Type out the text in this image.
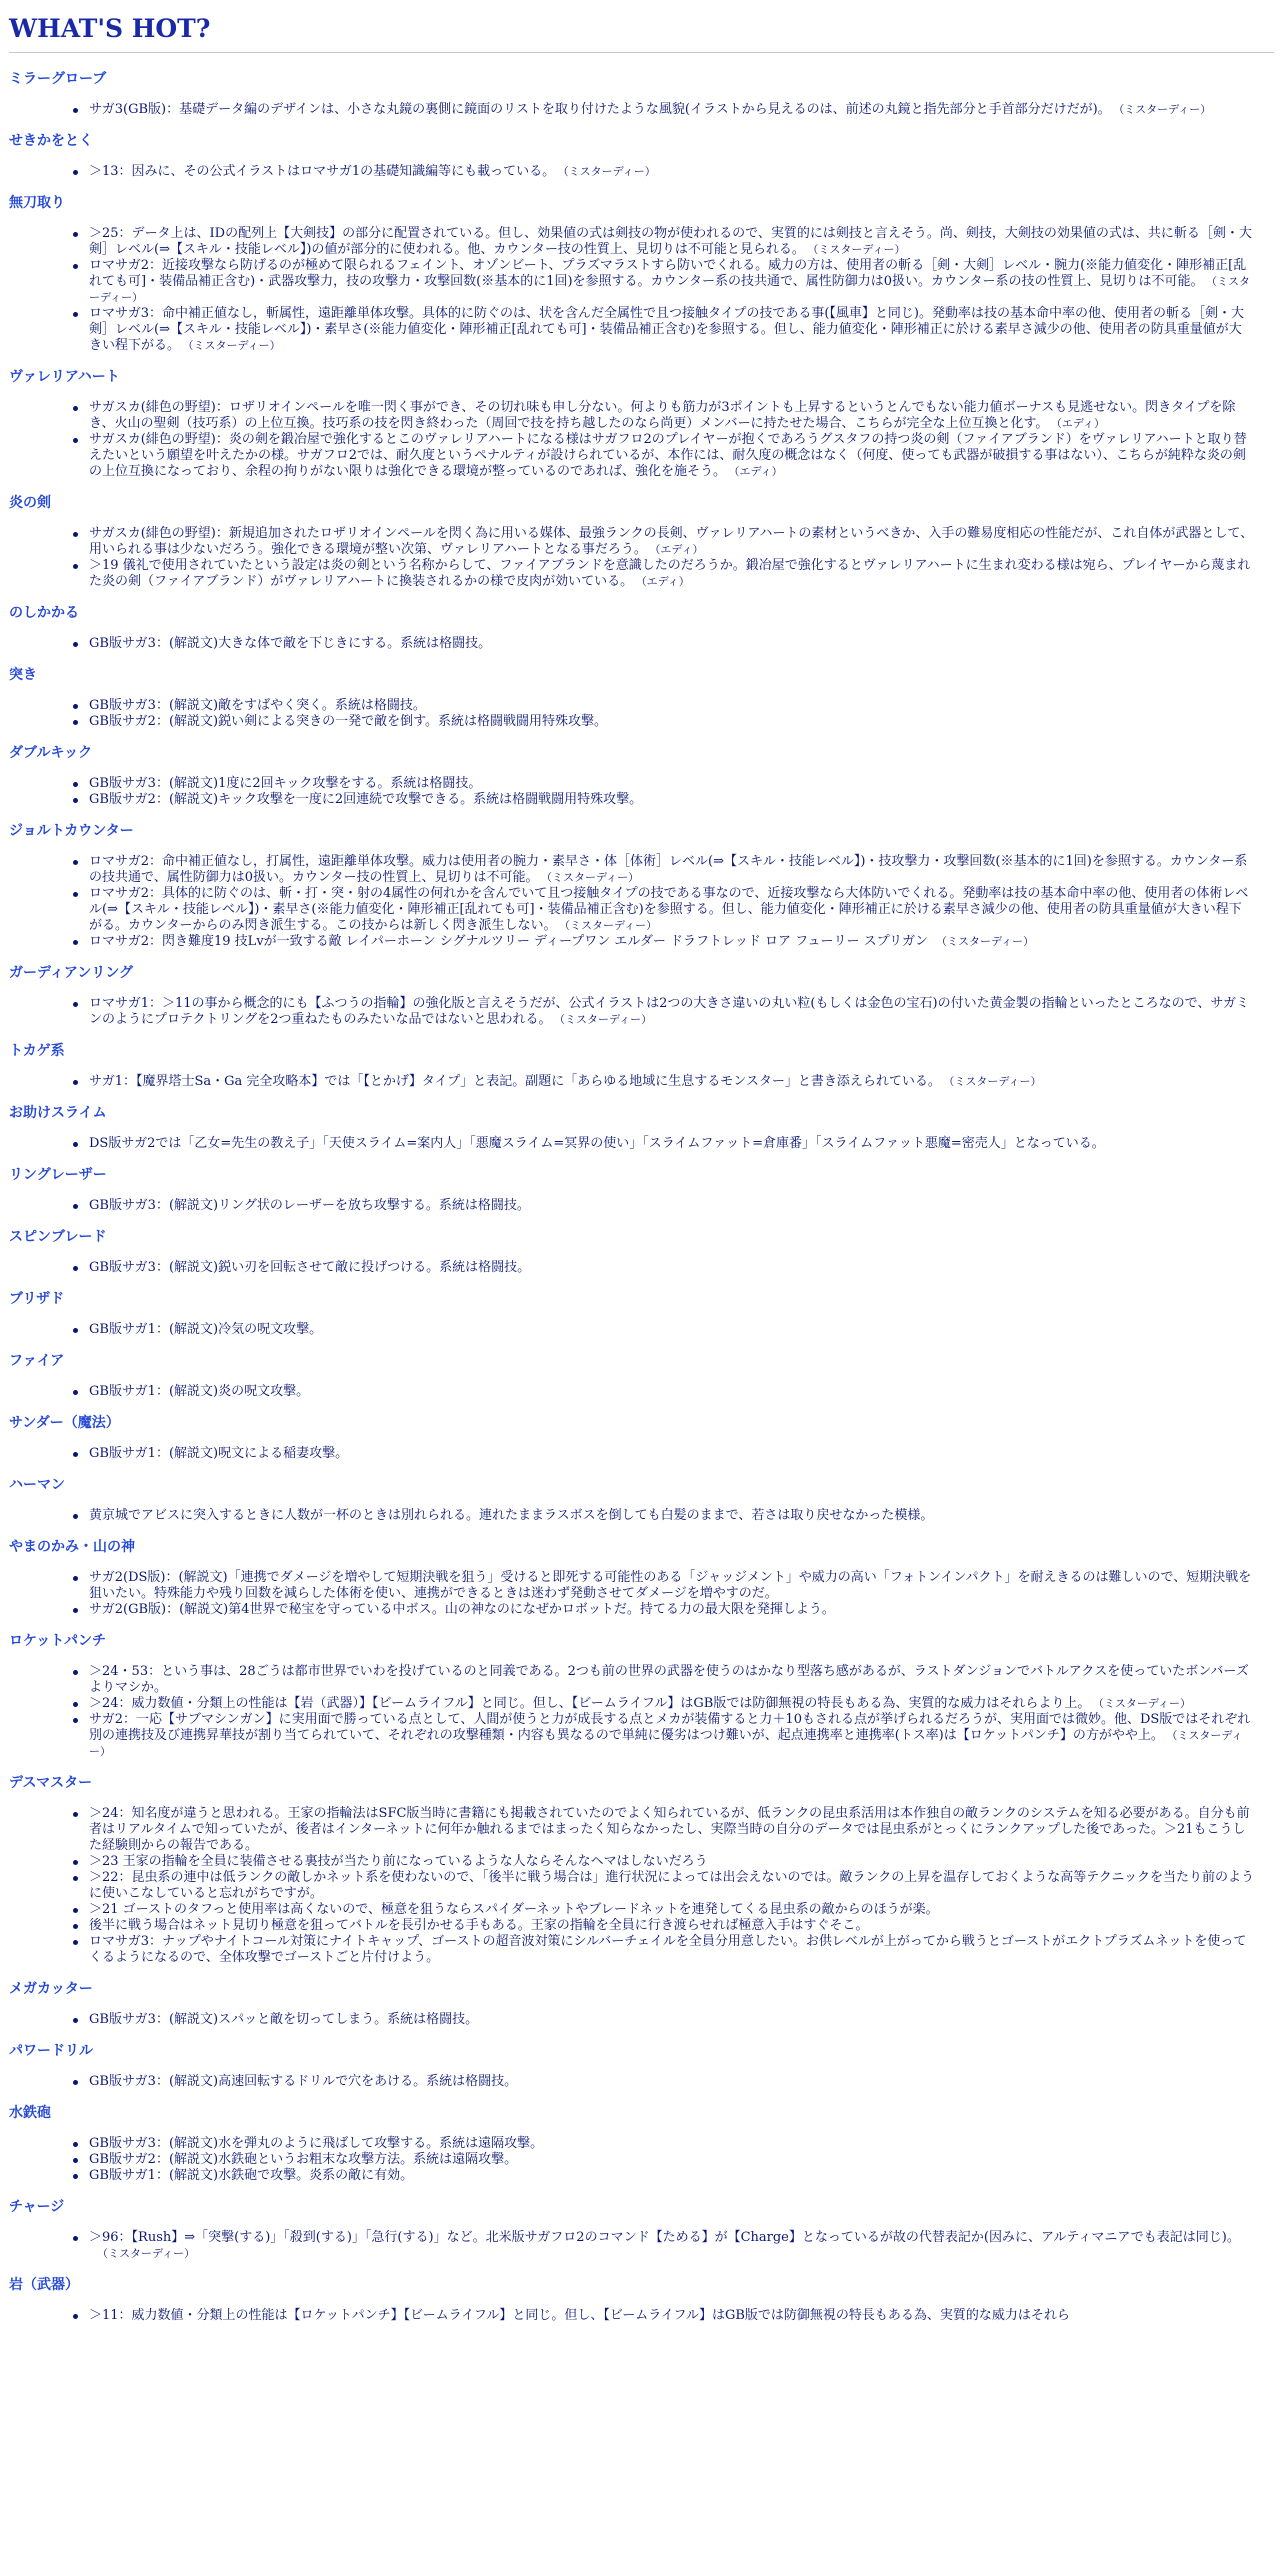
WHAT'S HOT?
ミラーグローブ
サガ3(GB版)：基礎データ編のデザインは、小さな丸鏡の裏側に鏡面のリストを取り付けたような風貌(イラストから見えるのは、前述の丸鏡と指先部分と手首部分だけだが)。 （ミスターディー）
せきかをとく
＞13：因みに、その公式イラストはロマサガ1の基礎知識編等にも載っている。 （ミスターディー）
無刀取り
＞25：データ上は、IDの配列上【大剣技】の部分に配置されている。但し、効果値の式は剣技の物が使われるので、実質的には剣技と言えそう。尚、剣技，大剣技の効果値の式は、共に斬る［剣・大剣］レベル(⇒【スキル・技能レベル】)の値が部分的に使われる。他、カウンター技の性質上、見切りは不可能と見られる。 （ミスターディー）
ロマサガ2：近接攻撃なら防げるのが極めて限られるフェイント、オゾンビート、プラズマラストすら防いでくれる。威力の方は、使用者の斬る［剣・大剣］レベル・腕力(※能力値変化・陣形補正[乱れても可]・装備品補正含む)・武器攻撃力，技の攻撃力・攻撃回数(※基本的に1回)を参照する。カウンター系の技共通で、属性防御力は0扱い。カウンター系の技の性質上、見切りは不可能。 （ミスターディー）
ロマサガ3：命中補正値なし，斬属性，遠距離単体攻撃。具体的に防ぐのは、状を含んだ全属性で且つ接触タイプの技である事(【風車】と同じ)。発動率は技の基本命中率の他、使用者の斬る［剣・大剣］レベル(⇒【スキル・技能レベル】)・素早さ(※能力値変化・陣形補正[乱れても可]・装備品補正含む)を参照する。但し、能力値変化・陣形補正に於ける素早さ減少の他、使用者の防具重量値が大きい程下がる。 （ミスターディー）
ヴァレリアハート
サガスカ(緋色の野望)：ロザリオインペールを唯一閃く事ができ、その切れ味も申し分ない。何よりも筋力が3ポイントも上昇するというとんでもない能力値ボーナスも見逃せない。閃きタイプを除き、火山の聖剣（技巧系）の上位互換。技巧系の技を閃き終わった（周回で技を持ち越したのなら尚更）メンバーに持たせた場合、こちらが完全な上位互換と化す。 （エディ）
サガスカ(緋色の野望)：炎の剣を鍛冶屋で強化するとこのヴァレリアハートになる様はサガフロ2のプレイヤーが抱くであろうグスタフの持つ炎の剣（ファイアブランド）をヴァレリアハートと取り替えたいという願望を叶えたかの様。サガフロ2では、耐久度というペナルティが設けられているが、本作には、耐久度の概念はなく（何度、使っても武器が破損する事はない）、こちらが純粋な炎の剣の上位互換になっており、余程の拘りがない限りは強化できる環境が整っているのであれば、強化を施そう。 （エディ）
炎の剣
サガスカ(緋色の野望)：新規追加されたロザリオインペールを閃く為に用いる媒体、最強ランクの長剣、ヴァレリアハートの素材というべきか、入手の難易度相応の性能だが、これ自体が武器として、用いられる事は少ないだろう。強化できる環境が整い次第、ヴァレリアハートとなる事だろう。 （エディ）
＞19 儀礼で使用されていたという設定は炎の剣という名称からして、ファイアブランドを意識したのだろうか。鍛冶屋で強化するとヴァレリアハートに生まれ変わる様は宛ら、プレイヤーから蔑まれた炎の剣（ファイアブランド）がヴァレリアハートに換装されるかの様で皮肉が効いている。 （エディ）
のしかかる
GB版サガ3：(解説文)大きな体で敵を下じきにする。系統は格闘技。
突き
GB版サガ3：(解説文)敵をすばやく突く。系統は格闘技。
GB版サガ2：(解説文)鋭い剣による突きの一発で敵を倒す。系統は格闘戦闘用特殊攻撃。
ダブルキック
GB版サガ3：(解説文)1度に2回キック攻撃をする。系統は格闘技。
GB版サガ2：(解説文)キック攻撃を一度に2回連続で攻撃できる。系統は格闘戦闘用特殊攻撃。
ジョルトカウンター
ロマサガ2：命中補正値なし，打属性，遠距離単体攻撃。威力は使用者の腕力・素早さ・体［体術］レベル(⇒【スキル・技能レベル】)・技攻撃力・攻撃回数(※基本的に1回)を参照する。カウンター系の技共通で、属性防御力は0扱い。カウンター技の性質上、見切りは不可能。 （ミスターディー）
ロマサガ2：具体的に防ぐのは、斬・打・突・射の4属性の何れかを含んでいて且つ接触タイプの技である事なので、近接攻撃なら大体防いでくれる。発動率は技の基本命中率の他、使用者の体術レベル(⇒【スキル・技能レベル】)・素早さ(※能力値変化・陣形補正[乱れても可]・装備品補正含む)を参照する。但し、能力値変化・陣形補正に於ける素早さ減少の他、使用者の防具重量値が大きい程下がる。カウンターからのみ閃き派生する。この技からは新しく閃き派生しない。 （ミスターディー）
ロマサガ2：閃き難度19 技Lvが一致する敵 レイパーホーン シグナルツリー ディープワン エルダー ドラフトレッド ロア フューリー スプリガン （ミスターディー）
ガーディアンリング
ロマサガ1：＞11の事から概念的にも【ふつうの指輪】の強化版と言えそうだが、公式イラストは2つの大きさ違いの丸い粒(もしくは金色の宝石)の付いた黄金製の指輪といったところなので、サガミンのようにプロテクトリングを2つ重ねたものみたいな品ではないと思われる。 （ミスターディー）
トカゲ系
サガ1：【魔界塔士Sa・Ga 完全攻略本】では「【とかげ】タイプ」と表記。副題に「あらゆる地域に生息するモンスター」と書き添えられている。 （ミスターディー）
お助けスライム
DS版サガ2では「乙女=先生の教え子」「天使スライム=案内人」「悪魔スライム=冥界の使い」「スライムファット=倉庫番」「スライムファット悪魔=密売人」となっている。
リングレーザー
GB版サガ3：(解説文)リング状のレーザーを放ち攻撃する。系統は格闘技。
スピンブレード
GB版サガ3：(解説文)鋭い刃を回転させて敵に投げつける。系統は格闘技。
ブリザド
GB版サガ1：(解説文)冷気の呪文攻撃。
ファイア
GB版サガ1：(解説文)炎の呪文攻撃。
サンダー（魔法）
GB版サガ1：(解説文)呪文による稲妻攻撃。
ハーマン
黄京城でアビスに突入するときに人数が一杯のときは別れられる。連れたままラスボスを倒しても白髪のままで、若さは取り戻せなかった模様。
やまのかみ・山の神
サガ2(DS版)：(解説文)「連携でダメージを増やして短期決戦を狙う」受けると即死する可能性のある「ジャッジメント」や威力の高い「フォトンインパクト」を耐えきるのは難しいので、短期決戦を狙いたい。特殊能力や残り回数を減らした体術を使い、連携ができるときは迷わず発動させてダメージを増やすのだ。
サガ2(GB版)：(解説文)第4世界で秘宝を守っている中ボス。山の神なのになぜかロボットだ。持てる力の最大限を発揮しよう。
ロケットパンチ
＞24・53：という事は、28ごうは都市世界でいわを投げているのと同義である。2つも前の世界の武器を使うのはかなり型落ち感があるが、ラストダンジョンでバトルアクスを使っていたボンバーズよりマシか。
＞24：威力数値・分類上の性能は【岩（武器）】【ビームライフル】と同じ。但し、【ビームライフル】はGB版では防御無視の特長もある為、実質的な威力はそれらより上。 （ミスターディー）
サガ2：一応【サブマシンガン】に実用面で勝っている点として、人間が使うと力が成長する点とメカが装備すると力＋10もされる点が挙げられるだろうが、実用面では微妙。他、DS版ではそれぞれ別の連携技及び連携昇華技が割り当てられていて、それぞれの攻撃種類・内容も異なるので単純に優劣はつけ難いが、起点連携率と連携率(トス率)は【ロケットパンチ】の方がやや上。 （ミスターディー）
デスマスター
＞24：知名度が違うと思われる。王家の指輪法はSFC版当時に書籍にも掲載されていたのでよく知られているが、低ランクの昆虫系活用は本作独自の敵ランクのシステムを知る必要がある。自分も前者はリアルタイムで知っていたが、後者はインターネットに何年か触れるまではまったく知らなかったし、実際当時の自分のデータでは昆虫系がとっくにランクアップした後であった。＞21もこうした経験則からの報告である。
＞23 王家の指輪を全員に装備させる裏技が当たり前になっているような人ならそんなヘマはしないだろう
＞22：昆虫系の連中は低ランクの敵しかネット系を使わないので、「後半に戦う場合は」進行状況によっては出会えないのでは。敵ランクの上昇を温存しておくような高等テクニックを当たり前のように使いこなしていると忘れがちですが。
＞21 ゴーストのタフっと使用率は高くないので、極意を狙うならスパイダーネットやブレードネットを連発してくる昆虫系の敵からのほうが楽。
後半に戦う場合はネット見切り極意を狙ってバトルを長引かせる手もある。王家の指輪を全員に行き渡らせれば極意入手はすぐそこ。
ロマサガ3：ナップやナイトコール対策にナイトキャップ、ゴーストの超音波対策にシルバーチェイルを全員分用意したい。お供レベルが上がってから戦うとゴーストがエクトプラズムネットを使ってくるようになるので、全体攻撃でゴーストごと片付けよう。
メガカッター
GB版サガ3：(解説文)スパッと敵を切ってしまう。系統は格闘技。
パワードリル
GB版サガ3：(解説文)高速回転するドリルで穴をあける。系統は格闘技。
水鉄砲
GB版サガ3：(解説文)水を弾丸のように飛ばして攻撃する。系統は遠隔攻撃。
GB版サガ2：(解説文)水鉄砲というお粗末な攻撃方法。系統は遠隔攻撃。
GB版サガ1：(解説文)水鉄砲で攻撃。炎系の敵に有効。
チャージ
＞96：【Rush】⇒「突撃(する)」「殺到(する)」「急行(する)」など。北米版サガフロ2のコマンド【ためる】が【Charge】となっているが故の代替表記か(因みに、アルティマニアでも表記は同じ)。（ミスターディー）
岩（武器）
＞11：威力数値・分類上の性能は【ロケットパンチ】【ビームライフル】と同じ。但し、【ビームライフル】はGB版では防御無視の特長もある為、実質的な威力はそれら
